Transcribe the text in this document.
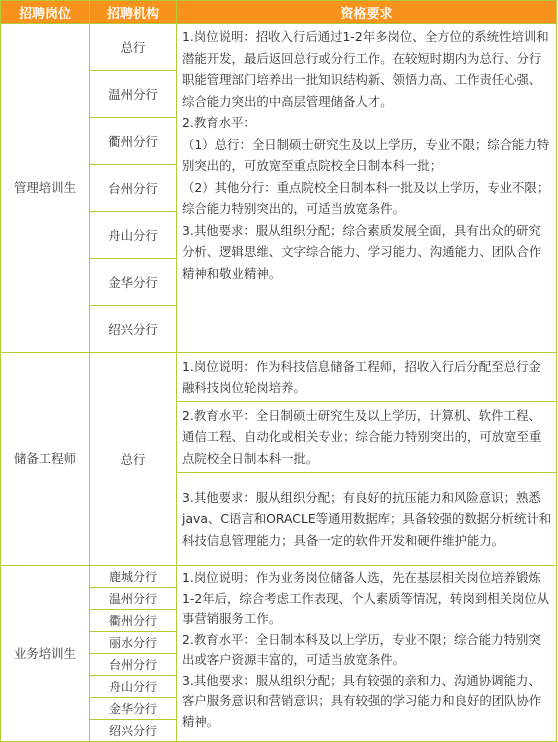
招聘岗位	招聘机构	资格要求
管理培训生	总行	1.岗位说明：招收入行后通过1-2年多岗位、全方位的系统性培训和潜能开发，最后返回总行或分行工作。在较短时期内为总行、分行职能管理部门培养出一批知识结构新、领悟力高、工作责任心强、综合能力突出的中高层管理储备人才。
2.教育水平：
（1）总行：全日制硕士研究生及以上学历，专业不限；综合能力特别突出的，可放宽至重点院校全日制本科一批；
（2）其他分行：重点院校全日制本科一批及以上学历，专业不限；综合能力特别突出的，可适当放宽条件。
3.其他要求：服从组织分配；综合素质发展全面，具有出众的研究分析、逻辑思维、文字综合能力、学习能力、沟通能力、团队合作精神和敬业精神。

	温州分行	
	衢州分行	
	台州分行	
	舟山分行	
	金华分行	
	绍兴分行	
储备工程师	总行	1.岗位说明：作为科技信息储备工程师，招收入行后分配至总行金融科技岗位轮岗培养。
		2.教育水平：全日制硕士研究生及以上学历，计算机、软件工程、通信工程、自动化或相关专业；综合能力特别突出的，可放宽至重点院校全日制本科一批。
		3.其他要求：服从组织分配；有良好的抗压能力和风险意识；熟悉java、C语言和ORACLE等通用数据库；具备较强的数据分析统计和科技信息管理能力；具备一定的软件开发和硬件维护能力。
业务培训生	鹿城分行	1.岗位说明：作为业务岗位储备人选，先在基层相关岗位培养锻炼1-2年后，综合考虑工作表现、个人素质等情况，转岗到相关岗位从事营销服务工作。
2.教育水平：全日制本科及以上学历，专业不限；综合能力特别突出或客户资源丰富的，可适当放宽条件。
3.其他要求：服从组织分配；具有较强的亲和力、沟通协调能力、客户服务意识和营销意识；具有较强的学习能力和良好的团队协作精神。

	温州分行	
	衢州分行	
	丽水分行	
	台州分行	
	舟山分行	
	金华分行	
	绍兴分行	
